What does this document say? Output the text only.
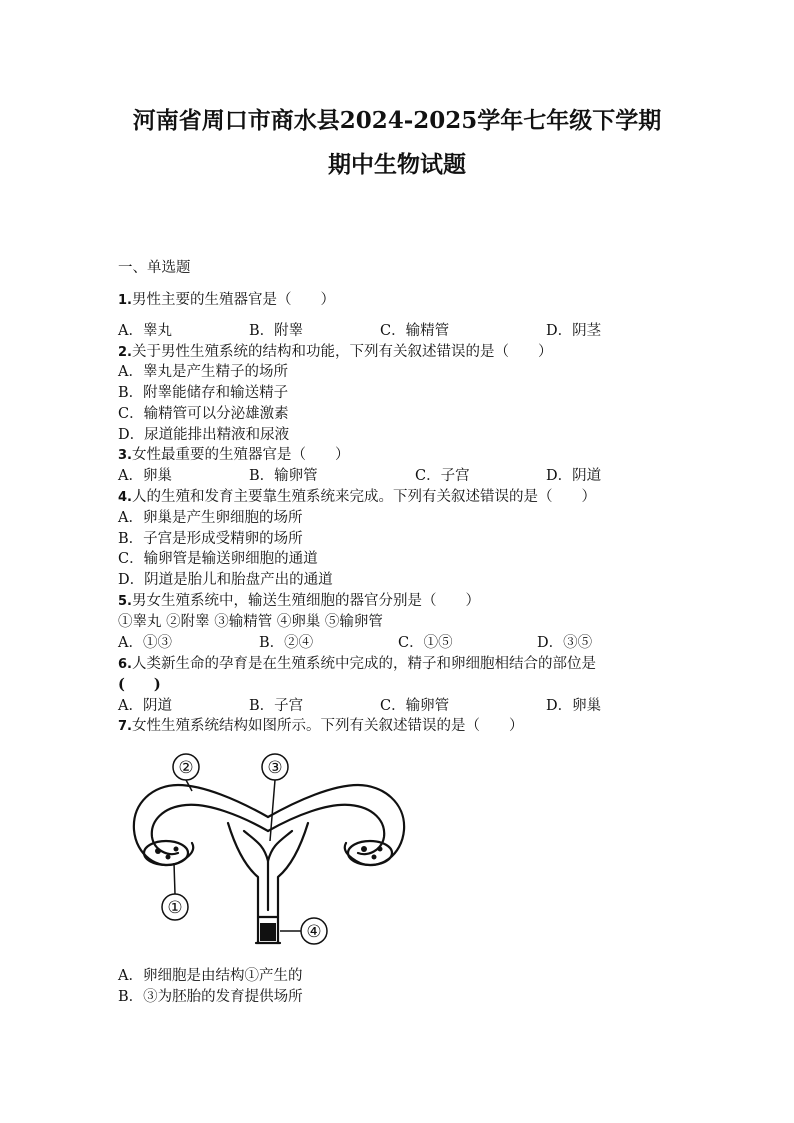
河南省周口市商水县2024-2025学年七年级下学期
期中生物试题
一、单选题
1.男性主要的生殖器官是（　　）
A．睾丸	B．附睾	C．输精管	D．阴茎
2.关于男性生殖系统的结构和功能，下列有关叙述错误的是（　　）
A．睾丸是产生精子的场所
B．附睾能储存和输送精子
C．输精管可以分泌雄激素
D．尿道能排出精液和尿液
3.女性最重要的生殖器官是（　　）
A．卵巢	B．输卵管	C．子宫	D．阴道
4.人的生殖和发育主要靠生殖系统来完成。下列有关叙述错误的是（　　）
A．卵巢是产生卵细胞的场所
B．子宫是形成受精卵的场所
C．输卵管是输送卵细胞的通道
D．阴道是胎儿和胎盘产出的通道
5.男女生殖系统中，输送生殖细胞的器官分别是（　　）
①睾丸 ②附睾 ③输精管 ④卵巢 ⑤输卵管
A．①③	B．②④	C．①⑤	D．③⑤
6.人类新生命的孕育是在生殖系统中完成的，精子和卵细胞相结合的部位是
(　　)
A．阴道	B．子宫	C．输卵管	D．卵巢
7.女性生殖系统结构如图所示。下列有关叙述错误的是（　　）
②	③
①
④
A．卵细胞是由结构①产生的
B．③为胚胎的发育提供场所
